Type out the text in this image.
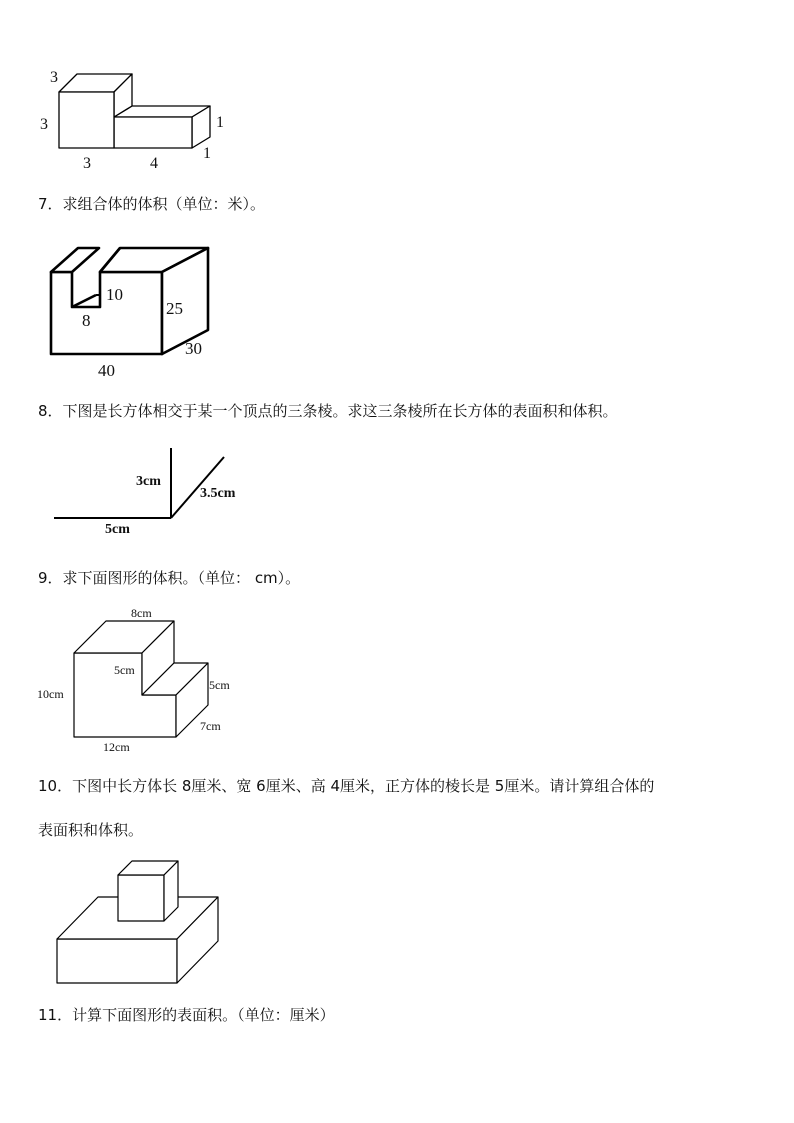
3
3
3	4
1
1
7．求组合体的体积（单位：米）。
10
8
25
30
40
8．下图是长方体相交于某一个顶点的三条棱。求这三条棱所在长方体的表面积和体积。
3cm
3.5cm
5cm
9．求下面图形的体积。（单位： cm）。
8cm
5cm
5cm
10cm
7cm
12cm
10．下图中长方体长 8厘米、宽 6厘米、高 4厘米，正方体的棱长是 5厘米。请计算组合体的
表面积和体积。
11．计算下面图形的表面积。（单位：厘米）
